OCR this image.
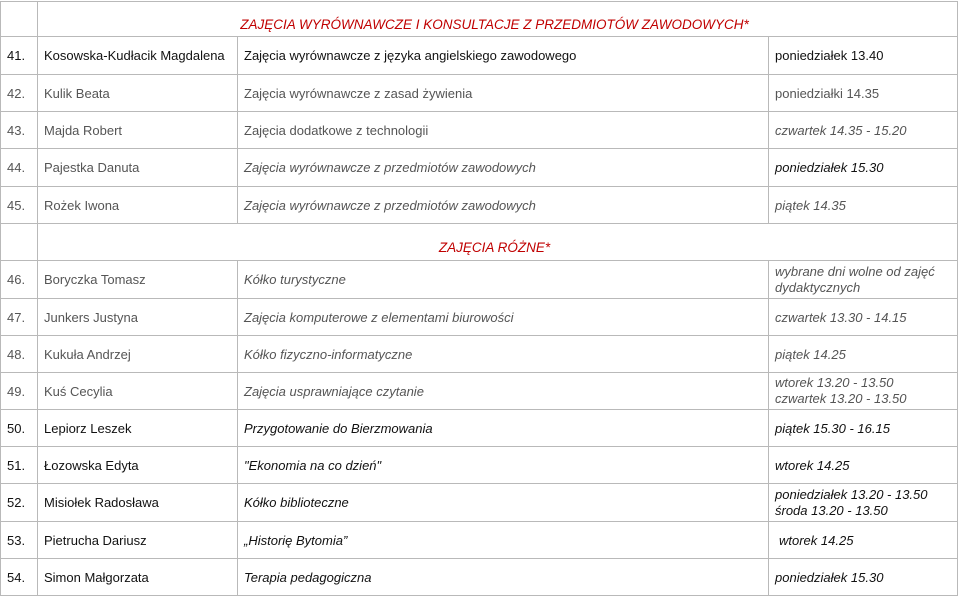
	ZAJĘCIA WYRÓWNAWCZE I KONSULTACJE Z PRZEDMIOTÓW ZAWODOWYCH*		
41.	Kosowska-Kudłacik Magdalena	Zajęcia wyrównawcze z języka angielskiego zawodowego	poniedziałek 13.40
42.	Kulik Beata	Zajęcia wyrównawcze z zasad żywienia	poniedziałki 14.35
43.	Majda Robert	Zajęcia dodatkowe z technologii	czwartek 14.35 - 15.20
44.	Pajestka Danuta	Zajęcia wyrównawcze z przedmiotów zawodowych	poniedziałek 15.30
45.	Rożek Iwona	Zajęcia wyrównawcze z przedmiotów zawodowych	piątek 14.35
	ZAJĘCIA RÓŻNE*		
46.	Boryczka Tomasz	Kółko turystyczne	wybrane dni wolne od zajęć
dydaktycznych

47.	Junkers Justyna	Zajęcia komputerowe z elementami biurowości	czwartek 13.30 - 14.15
48.	Kukuła Andrzej	Kółko fizyczno-informatyczne	piątek 14.25
49.	Kuś Cecylia	Zajęcia usprawniające czytanie	wtorek 13.20 - 13.50
czwartek 13.20 - 13.50

50.	Lepiorz Leszek	Przygotowanie do Bierzmowania	piątek 15.30 - 16.15
51.	Łozowska Edyta	"Ekonomia na co dzień"	wtorek 14.25
52.	Misiołek Radosława	Kółko biblioteczne	poniedziałek 13.20 - 13.50
środa 13.20 - 13.50

53.	Pietrucha Dariusz	„Historię Bytomia”	wtorek 14.25
54.	Simon Małgorzata	Terapia pedagogiczna	poniedziałek 15.30
